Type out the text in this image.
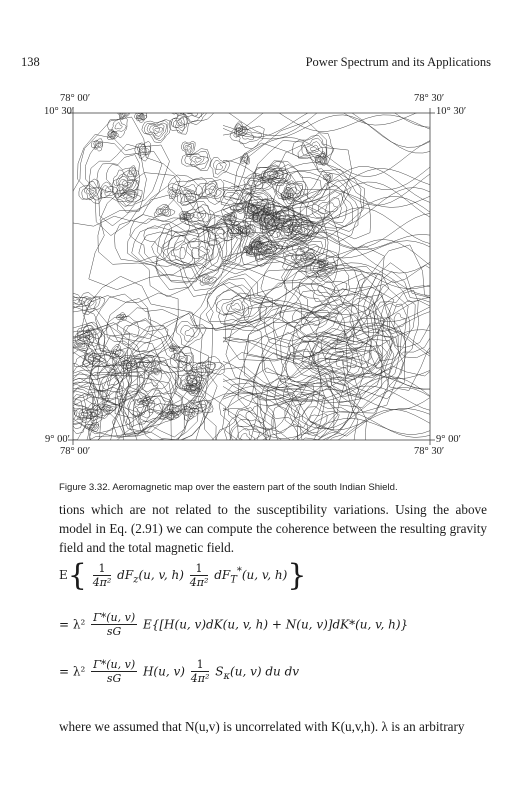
138	Power Spectrum and its Applications
78° 00′
10° 30′
78° 30′
10° 30′
9° 00′
78° 00′
9° 00′
78° 30′
Figure 3.32. Aeromagnetic map over the eastern part of the south Indian Shield.
tions which are not related to the susceptibility variations. Using the above model in Eq. (2.91) we can compute the coherence between the resulting gravity field and the total magnetic field.
$E\{ \frac{1}{\text{4π²}} dF_z(u$, v, $h) \frac{1}{\text{4π²}} dF_T^*(u$, v, h)}
= $\lambda^2 \frac{\Gamma*(u, v)}{sG} E\{[H(u$, v)dK(u, v, h) + N(u, v)]dK*(u, v, h)}
= $\lambda^2 \frac{\Gamma*(u, v)}{sG} H(u$, $v) \frac{1}{\text{4π²}} S_\kappa(u$, v) du dv
where we assumed that N(u,v) is uncorrelated with K(u,v,h). λ is an arbitrary
